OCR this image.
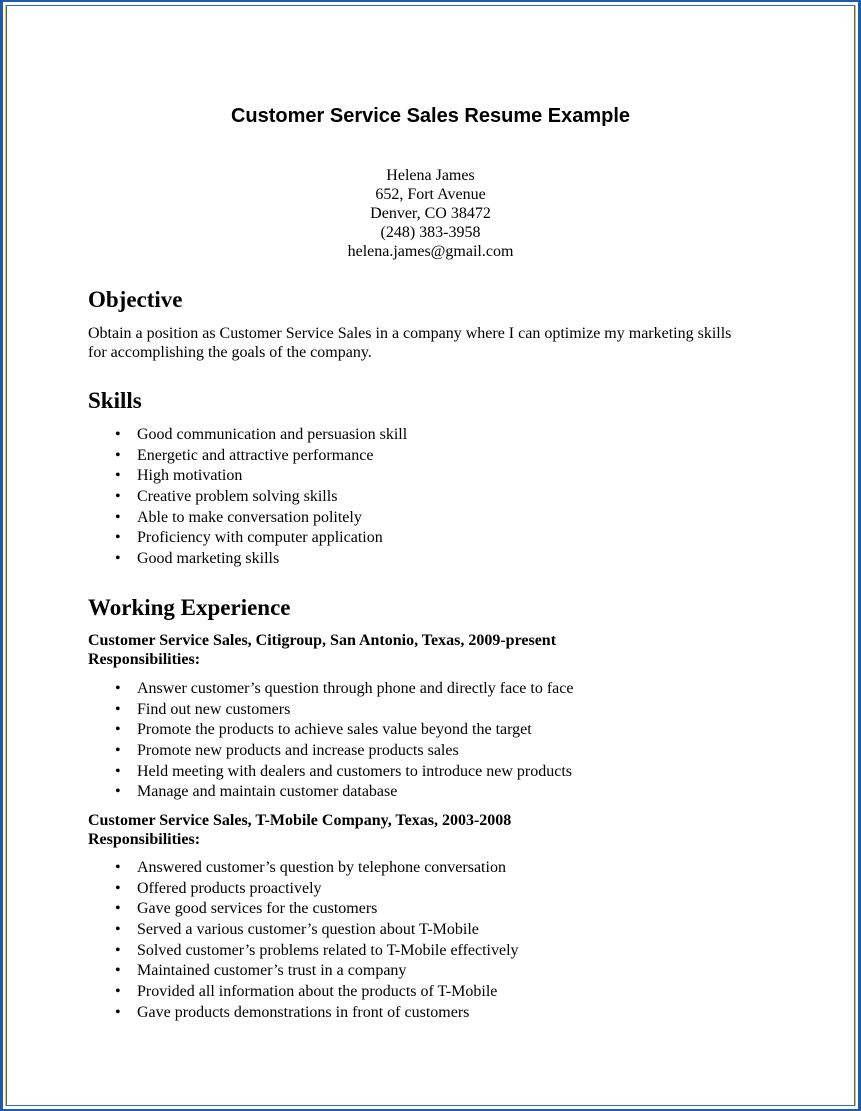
Customer Service Sales Resume Example
Helena James
652, Fort Avenue
Denver, CO 38472
(248) 383-3958
helena.james@gmail.com
Objective
Obtain a position as Customer Service Sales in a company where I can optimize my marketing skills
for accomplishing the goals of the company.
Skills
• Good communication and persuasion skill
• Energetic and attractive performance
• High motivation
• Creative problem solving skills
• Able to make conversation politely
• Proficiency with computer application
• Good marketing skills
Working Experience
Customer Service Sales, Citigroup, San Antonio, Texas, 2009-present
Responsibilities:
• Answer customer’s question through phone and directly face to face
• Find out new customers
• Promote the products to achieve sales value beyond the target
• Promote new products and increase products sales
• Held meeting with dealers and customers to introduce new products
• Manage and maintain customer database
Customer Service Sales, T-Mobile Company, Texas, 2003-2008
Responsibilities:
• Answered customer’s question by telephone conversation
• Offered products proactively
• Gave good services for the customers
• Served a various customer’s question about T-Mobile
• Solved customer’s problems related to T-Mobile effectively
• Maintained customer’s trust in a company
• Provided all information about the products of T-Mobile
• Gave products demonstrations in front of customers
